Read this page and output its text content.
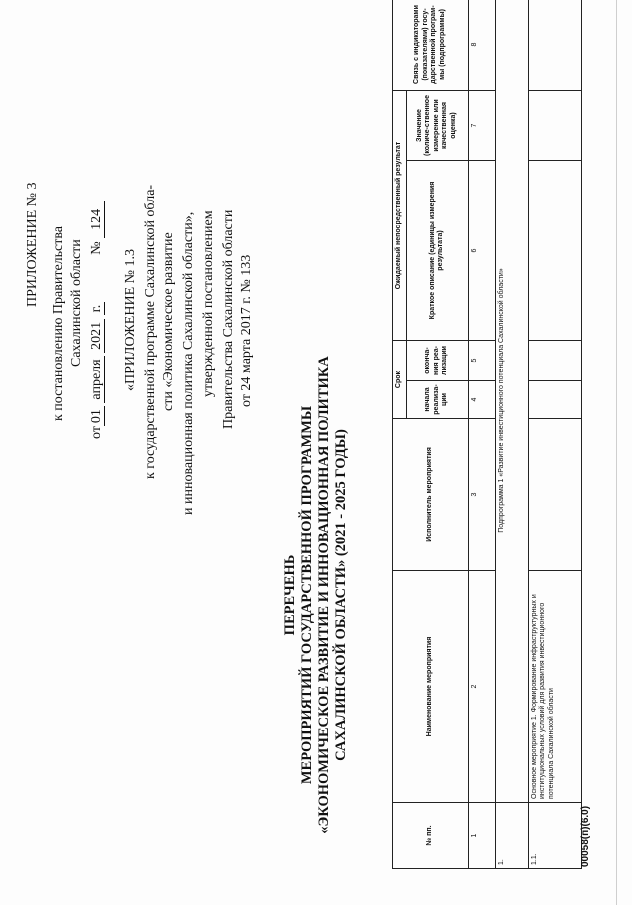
ПРИЛОЖЕНИЕ № 3 к постановлению Правительства Сахалинской области
от01 апреля 2021 г.  № 124
«ПРИЛОЖЕНИЕ № 1.3 к государственной программе Сахалинской обла- сти «Экономическое развитие и инновационная политика Сахалинской области», утвержденной постановлением Правительства Сахалинской области от 24 марта 2017 г. № 133
ПЕРЕЧЕНЬ МЕРОПРИЯТИЙ ГОСУДАРСТВЕННОЙ ПРОГРАММЫ «ЭКОНОМИЧЕСКОЕ РАЗВИТИЕ И ИННОВАЦИОННАЯ ПОЛИТИКА САХАЛИНСКОЙ ОБЛАСТИ» (2021 - 2025 ГОДЫ)
№ пп.	Наименование мероприятия	Исполнитель мероприятия	Срок		Ожидаемый непосредственный результат		Связь с индикаторами (показателями) госу-дарственной програм-мы (подпрограммы)
			начала реализа-ции	оконча-ния реа-лизации	Краткое описание (единицы измерения результата)	Значение (количе-ственное измерение или качественная оценка)	
1	2	3	4	5	6	7	8
1.	Подпрограмма 1 «Развитие инвестиционного потенциала Сахалинской области»						
1.1.	Основное мероприятие 1. Формирование инфраструктурных и институциональных условий для развития инвестиционного потенциала Сахалинской области						
00058(п)(6.0)
